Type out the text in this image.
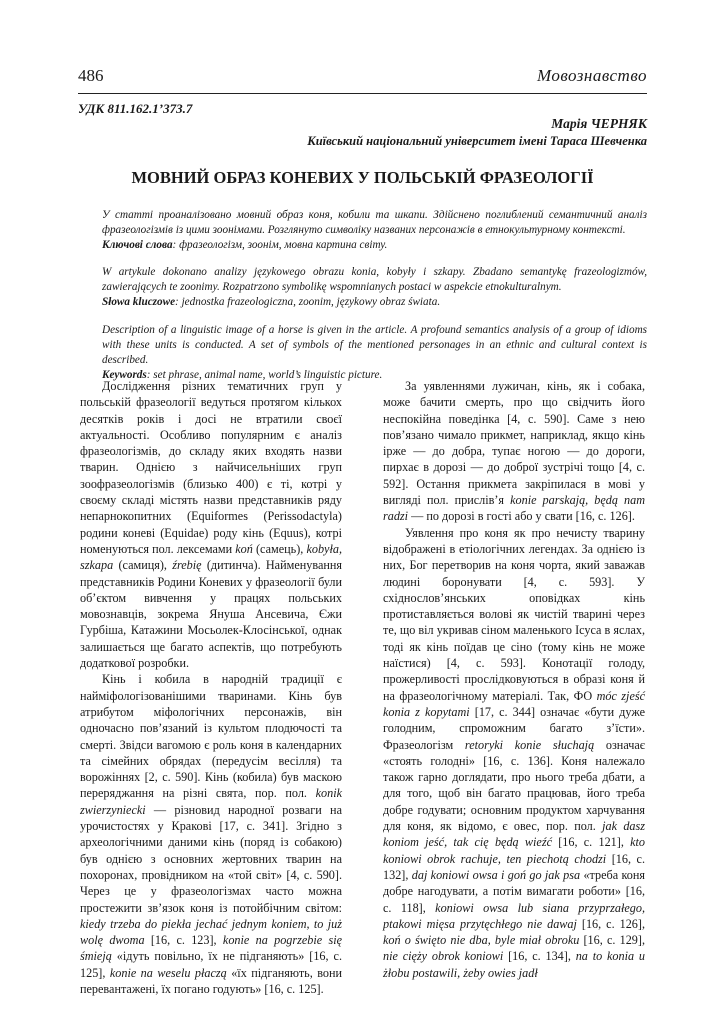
486	Мовознавство
УДК 811.162.1’373.7
Марія ЧЕРНЯК
Київський національний університет імені Тараса Шевченка
МОВНИЙ ОБРАЗ КОНЕВИХ У ПОЛЬСЬКІЙ ФРАЗЕОЛОГІЇ

У статті проаналізовано мовний образ коня, кобили та шкапи. Здійснено поглиблений семантичний аналіз фразеологізмів із цими зоонімами. Розглянуто символіку названих персонажів в етнокультурному контексті.

Ключові слова: фразеологізм, зоонім, мовна картина світу.

W artykule dokonano analizy językowego obrazu konia, kobyły i szkapy. Zbadano semantykę frazeologizmów, zawierających te zoonimy. Rozpatrzono symbolikę wspomnianych postaci w aspekcie etnokulturalnym.

Słowa kluczowe: jednostka frazeologiczna, zoonim, językowy obraz świata.

Description of a linguistic image of a horse is given in the article. A profound semantics analysis of a group of idioms with these units is conducted. A set of symbols of the mentioned personages in an ethnic and cultural context is described.

Keywords: set phrase, animal name, world’s linguistic picture.

Дослідження різних тематичних груп у польській фразеології ведуться протягом кількох десятків років і досі не втратили своєї актуальності. Особливо популярним є аналіз фразеологізмів, до складу яких входять назви тварин. Однією з найчисельніших груп зоофразеологізмів (близько 400) є ті, котрі у своєму складі містять назви представників ряду непарнокопитних (Equiformes (Perissodactyla) родини коневі (Equidae) роду кінь (Equus), котрі номенуються пол. лексемами koń (самець), kobyła, szkapa (самиця), źrebię (дитинча). Найменування представників Родини Коневих у фразеології були об’єктом вивчення у працях польських мовознавців, зокрема Януша Ансевича, Єжи Гурбіша, Катажини Мосьолек-Клосінської, однак залишається ще багато аспектів, що потребують додаткової розробки.

Кінь і кобила в народній традиції є найміфологізованішими тваринами. Кінь був атрибутом міфологічних персонажів, він одночасно пов’язаний із культом плодючості та смерті. Звідси вагомою є роль коня в календарних та сімейних обрядах (передусім весілля) та ворожіннях [2, с. 590]. Кінь (кобила) був маскою переряджання на різні свята, пор. пол. konik zwierzyniecki — різновид народної розваги на урочистостях у Кракові [17, с. 341]. Згідно з археологічними даними кінь (поряд із собакою) був однією з основних жертовних тварин на похоронах, провідником на «той світ» [4, с. 590]. Через це у фразеологізмах часто можна простежити зв’язок коня із потойбічним світом: kiedy trzeba do piekła jechać jednym koniem, to już wolę dwoma [16, с. 123], konie na pogrzebie się śmieją «ідуть повільно, їх не підганяють» [16, с. 125], konie na weselu płaczą «їх підганяють, вони перевантажені, їх погано годують» [16, с. 125].

За уявленнями лужичан, кінь, як і собака, може бачити смерть, про що свідчить його неспокійна поведінка [4, с. 590]. Саме з нею пов’язано чимало прикмет, наприклад, якщо кінь ірже — до добра, тупає ногою — до дороги, пирхає в дорозі — до доброї зустрічі тощо [4, с. 592]. Остання прикмета закріпилася в мові у вигляді пол. прислів’я konie parskają, będą nam radzi — по дорозі в гості або у свати [16, с. 126].

Уявлення про коня як про нечисту тварину відображені в етіологічних легендах. За однією із них, Бог перетворив на коня чорта, який заважав людині боронувати [4, с. 593]. У східнослов’янських оповідках кінь протиставляється волові як чистій тварині через те, що віл укривав сіном маленького Ісуса в яслах, тоді як кінь поїдав це сіно (тому кінь не може наїстися) [4, с. 593]. Конотації голоду, прожерливості прослідковуються в образі коня й на фразеологічному матеріалі. Так, ФО móc zjeść konia z kopytami [17, с. 344] означає «бути дуже голодним, спроможним багато з’їсти». Фразеологізм retoryki konie słuchają означає «стоять голодні» [16, с. 136]. Коня належало також гарно доглядати, про нього треба дбати, а для того, щоб він багато працював, його треба добре годувати; основним продуктом харчування для коня, як відомо, є овес, пор. пол. jak dasz koniom jeść, tak cię będą wieźć [16, с. 121], kto koniowi obrok rachuje, ten piechotą chodzi [16, с. 132], daj koniowi owsa i goń go jak psa «треба коня добре нагодувати, а потім вимагати роботи» [16, с. 118], koniowi owsa lub siana przyprzałego, ptakowi mięsa przytęchłego nie dawaj [16, с. 126], koń o święto nie dba, byle miał obroku [16, с. 129], nie cięży obrok koniowi [16, с. 134], na to konia u żłobu postawili, żeby owies jadł
